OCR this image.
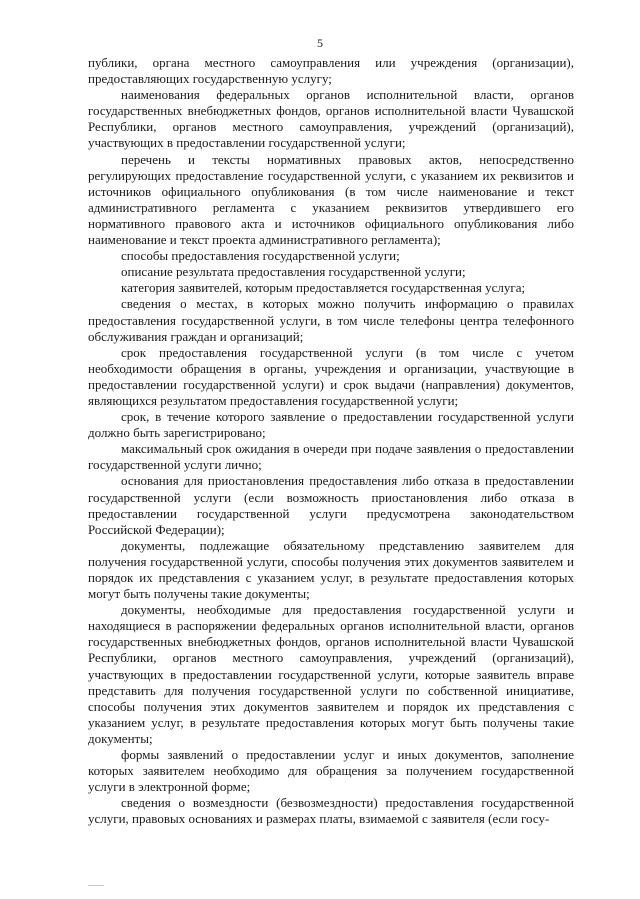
5

публики, органа местного самоуправления или учреждения (организации), предоставляющих государственную услугу;

наименования федеральных органов исполнительной власти, органов государственных внебюджетных фондов, органов исполнительной власти Чувашской Республики, органов местного самоуправления, учреждений (организаций), участвующих в предоставлении государственной услуги;

перечень и тексты нормативных правовых актов, непосредственно регулирующих предоставление государственной услуги, с указанием их реквизитов и источников официального опубликования (в том числе наименование и текст административного регламента с указанием реквизитов утвердившего его нормативного правового акта и источников официального опубликования либо наименование и текст проекта административного регламента);

способы предоставления государственной услуги;

описание результата предоставления государственной услуги;

категория заявителей, которым предоставляется государственная услуга;

сведения о местах, в которых можно получить информацию о правилах предоставления государственной услуги, в том числе телефоны центра телефонного обслуживания граждан и организаций;

срок предоставления государственной услуги (в том числе с учетом необходимости обращения в органы, учреждения и организации, участвующие в предоставлении государственной услуги) и срок выдачи (направления) документов, являющихся результатом предоставления государственной услуги;

срок, в течение которого заявление о предоставлении государственной услуги должно быть зарегистрировано;

максимальный срок ожидания в очереди при подаче заявления о предоставлении государственной услуги лично;

основания для приостановления предоставления либо отказа в предоставлении государственной услуги (если возможность приостановления либо отказа в предоставлении государственной услуги предусмотрена законодательством Российской Федерации);

документы, подлежащие обязательному представлению заявителем для получения государственной услуги, способы получения этих документов заявителем и порядок их представления с указанием услуг, в результате предоставления которых могут быть получены такие документы;

документы, необходимые для предоставления государственной услуги и находящиеся в распоряжении федеральных органов исполнительной власти, органов государственных внебюджетных фондов, органов исполнительной власти Чувашской Республики, органов местного самоуправления, учреждений (организаций), участвующих в предоставлении государственной услуги, которые заявитель вправе представить для получения государственной услуги по собственной инициативе, способы получения этих документов заявителем и порядок их представления с указанием услуг, в результате предоставления которых могут быть получены такие документы;

формы заявлений о предоставлении услуг и иных документов, заполнение которых заявителем необходимо для обращения за получением государственной услуги в электронной форме;

сведения о возмездности (безвозмездности) предоставления государственной услуги, правовых основаниях и размерах платы, взимаемой с заявителя (если госу-
